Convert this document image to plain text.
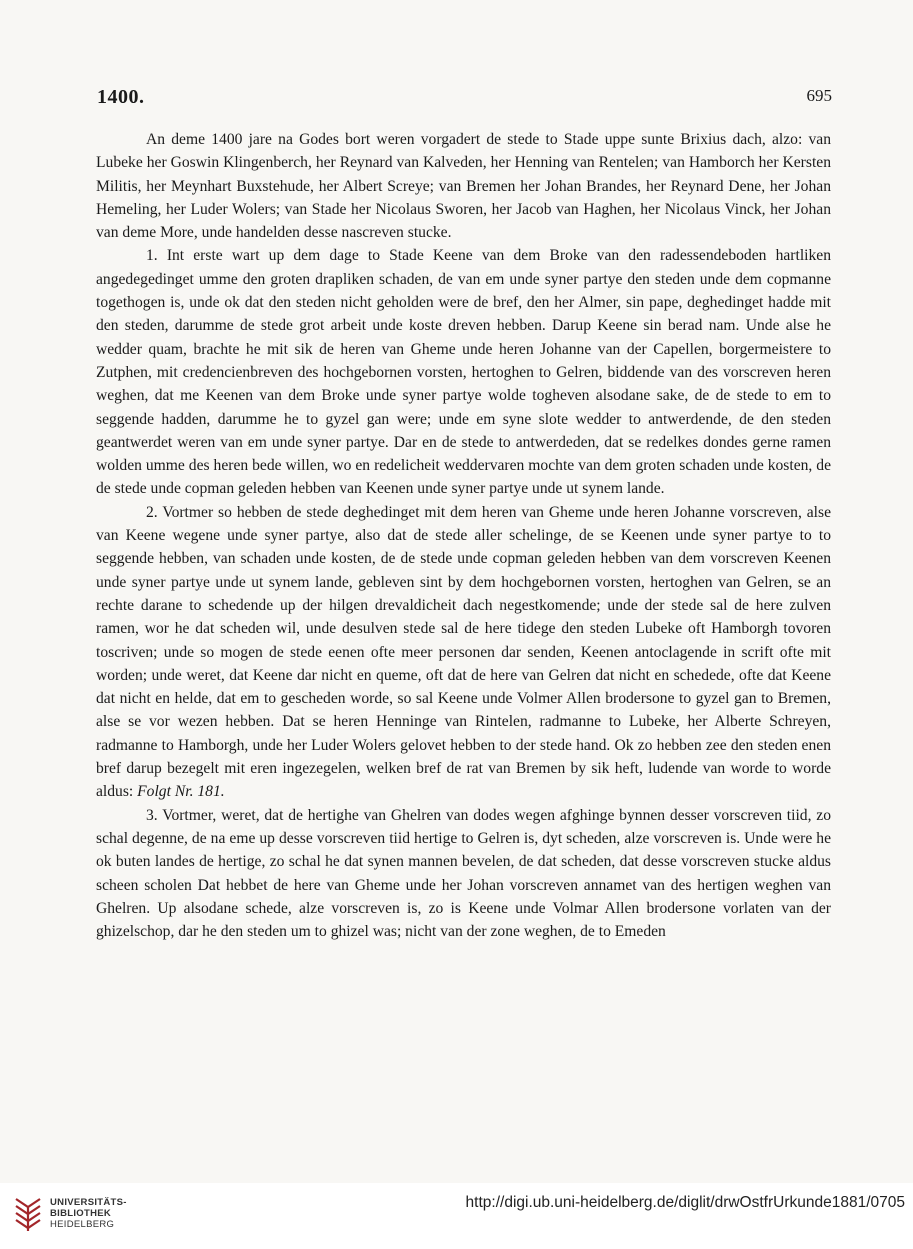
1400.	695

An deme 1400 jare na Godes bort weren vorgadert de stede to Stade uppe sunte Brixius dach, alzo: van Lubeke her Goswin Klingenberch, her Reynard van Kalveden, her Henning van Rentelen; van Hamborch her Kersten Militis, her Meynhart Buxstehude, her Albert Screye; van Bremen her Johan Brandes, her Reynard Dene, her Johan Hemeling, her Luder Wolers; van Stade her Nicolaus Sworen, her Jacob van Haghen, her Nicolaus Vinck, her Johan van deme More, unde handelden desse nascreven stucke.

1. Int erste wart up dem dage to Stade Keene van dem Broke van den radessendeboden hartliken angedegedinget umme den groten drapliken schaden, de van em unde syner partye den steden unde dem copmanne togethogen is, unde ok dat den steden nicht geholden were de bref, den her Almer, sin pape, deghedinget hadde mit den steden, darumme de stede grot arbeit unde koste dreven hebben. Darup Keene sin berad nam. Unde alse he wedder quam, brachte he mit sik de heren van Gheme unde heren Johanne van der Capellen, borgermeistere to Zutphen, mit credencienbreven des hochgebornen vorsten, hertoghen to Gelren, biddende van des vorscreven heren weghen, dat me Keenen van dem Broke unde syner partye wolde togheven alsodane sake, de de stede to em to seggende hadden, darumme he to gyzel gan were; unde em syne slote wedder to antwerdende, de den steden geantwerdet weren van em unde syner partye. Dar en de stede to antwerdeden, dat se redelkes dondes gerne ramen wolden umme des heren bede willen, wo en redelicheit weddervaren mochte van dem groten schaden unde kosten, de de stede unde copman geleden hebben van Keenen unde syner partye unde ut synem lande.

2. Vortmer so hebben de stede deghedinget mit dem heren van Gheme unde heren Johanne vorscreven, alse van Keene wegene unde syner partye, also dat de stede aller schelinge, de se Keenen unde syner partye to to seggende hebben, van schaden unde kosten, de de stede unde copman geleden hebben van dem vorscreven Keenen unde syner partye unde ut synem lande, gebleven sint by dem hochgebornen vorsten, hertoghen van Gelren, se an rechte darane to schedende up der hilgen drevaldicheit dach negestkomende; unde der stede sal de here zulven ramen, wor he dat scheden wil, unde desulven stede sal de here tidege den steden Lubeke oft Hamborgh tovoren toscriven; unde so mogen de stede eenen ofte meer personen dar senden, Keenen antoclagende in scrift ofte mit worden; unde weret, dat Keene dar nicht en queme, oft dat de here van Gelren dat nicht en schedede, ofte dat Keene dat nicht en helde, dat em to gescheden worde, so sal Keene unde Volmer Allen brodersone to gyzel gan to Bremen, alse se vor wezen hebben. Dat se heren Henninge van Rintelen, radmanne to Lubeke, her Alberte Schreyen, radmanne to Hamborgh, unde her Luder Wolers gelovet hebben to der stede hand. Ok zo hebben zee den steden enen bref darup bezegelt mit eren ingezegelen, welken bref de rat van Bremen by sik heft, ludende van worde to worde aldus: Folgt Nr. 181.

3. Vortmer, weret, dat de hertighe van Ghelren van dodes wegen afghinge bynnen desser vorscreven tiid, zo schal degenne, de na eme up desse vorscreven tiid hertige to Gelren is, dyt scheden, alze vorscreven is. Unde were he ok buten landes de hertige, zo schal he dat synen mannen bevelen, de dat scheden, dat desse vorscreven stucke aldus scheen scholen Dat hebbet de here van Gheme unde her Johan vorscreven annamet van des hertigen weghen van Ghelren. Up alsodane schede, alze vorscreven is, zo is Keene unde Volmar Allen brodersone vorlaten van der ghizelschop, dar he den steden um to ghizel was; nicht van der zone weghen, de to Emeden

UNIVERSITÄTS-
BIBLIOTHEK
HEIDELBERG
http://digi.ub.uni-heidelberg.de/diglit/drwOstfrUrkunde1881/0705
